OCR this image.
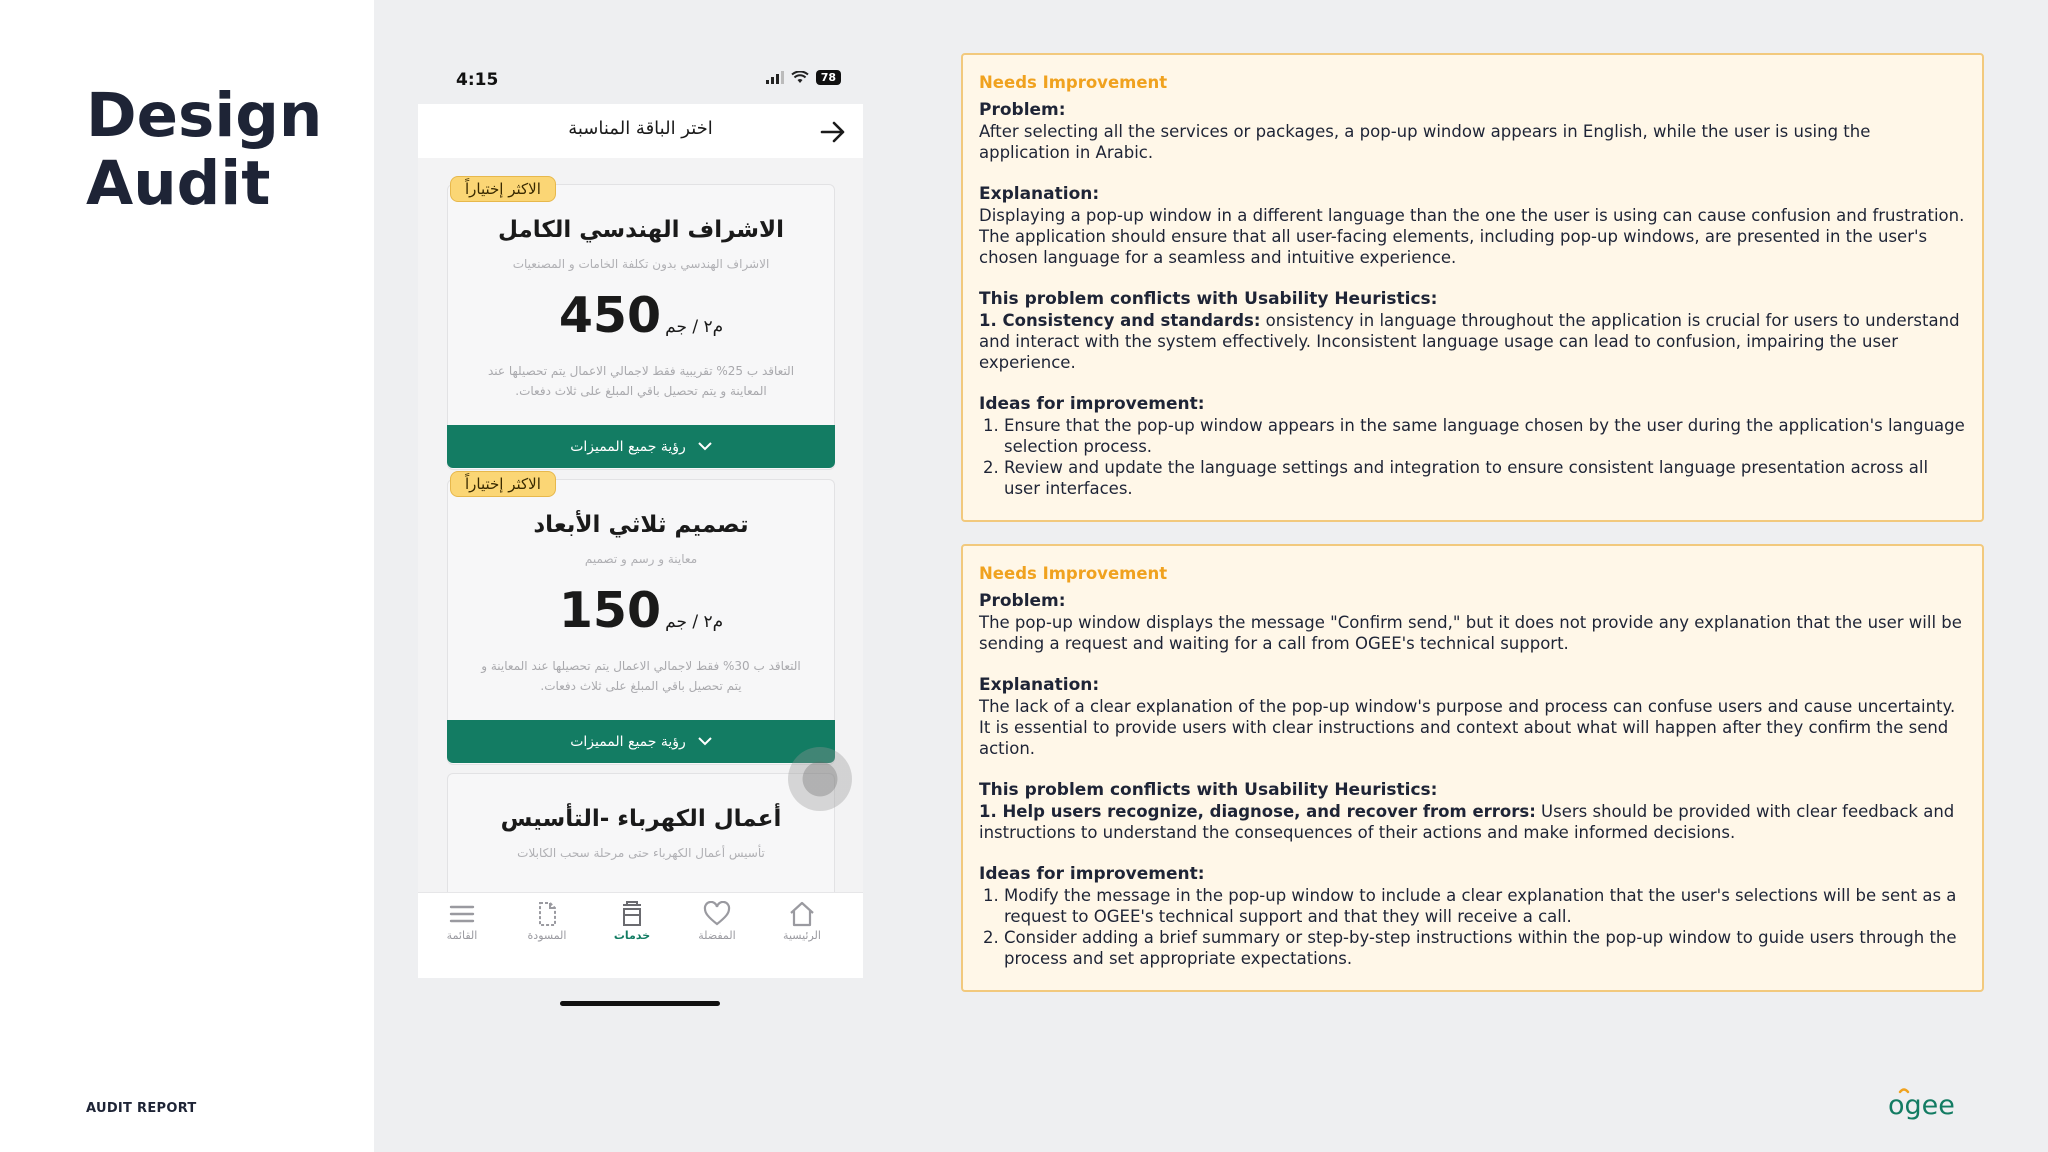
Design
Audit
AUDIT REPORT
4:15	78
اختر الباقة المناسبة
الاكثر إختياراً
الاشراف الهندسي الكامل
الاشراف الهندسي بدون تكلفة الخامات و المصنعيات
450 م٢ / جم
التعاقد ب 25% تقريبية فقط لاجمالي الاعمال يتم تحصيلها عند
المعاينة و يتم تحصيل باقي المبلغ على ثلاث دفعات.
رؤية جميع المميزات
الاكثر إختياراً
تصميم ثلاثي الأبعاد
معاينة و رسم و تصميم
150 م٢ / جم
التعاقد ب 30% فقط لاجمالي الاعمال يتم تحصيلها عند المعاينة و
يتم تحصيل باقي المبلغ على ثلاث دفعات.
رؤية جميع المميزات
أعمال الكهرباء -التأسيس
تأسيس أعمال الكهرباء حتى مرحلة سحب الكابلات
القائمة	المسودة	خدمات	المفضلة	الرئيسية

Needs Improvement

Problem:

After selecting all the services or packages, a pop-up window appears in English, while the user is using the application in Arabic.

Explanation:

Displaying a pop-up window in a different language than the one the user is using can cause confusion and frustration. The application should ensure that all user-facing elements, including pop-up windows, are presented in the user's chosen language for a seamless and intuitive experience.

This problem conflicts with Usability Heuristics:

1. Consistency and standards: onsistency in language throughout the application is crucial for users to understand and interact with the system effectively. Inconsistent language usage can lead to confusion, impairing the user experience.

Ideas for improvement:

1. Ensure that the pop-up window appears in the same language chosen by the user during the application's language selection process.
2. Review and update the language settings and integration to ensure consistent language presentation across all user interfaces.

Needs Improvement

Problem:

The pop-up window displays the message "Confirm send," but it does not provide any explanation that the user will be sending a request and waiting for a call from OGEE's technical support.

Explanation:

The lack of a clear explanation of the pop-up window's purpose and process can confuse users and cause uncertainty. It is essential to provide users with clear instructions and context about what will happen after they confirm the send action.

This problem conflicts with Usability Heuristics:

1. Help users recognize, diagnose, and recover from errors: Users should be provided with clear feedback and instructions to understand the consequences of their actions and make informed decisions.

Ideas for improvement:

1. Modify the message in the pop-up window to include a clear explanation that the user's selections will be sent as a request to OGEE's technical support and that they will receive a call.
2. Consider adding a brief summary or step-by-step instructions within the pop-up window to guide users through the process and set appropriate expectations.
ogee
